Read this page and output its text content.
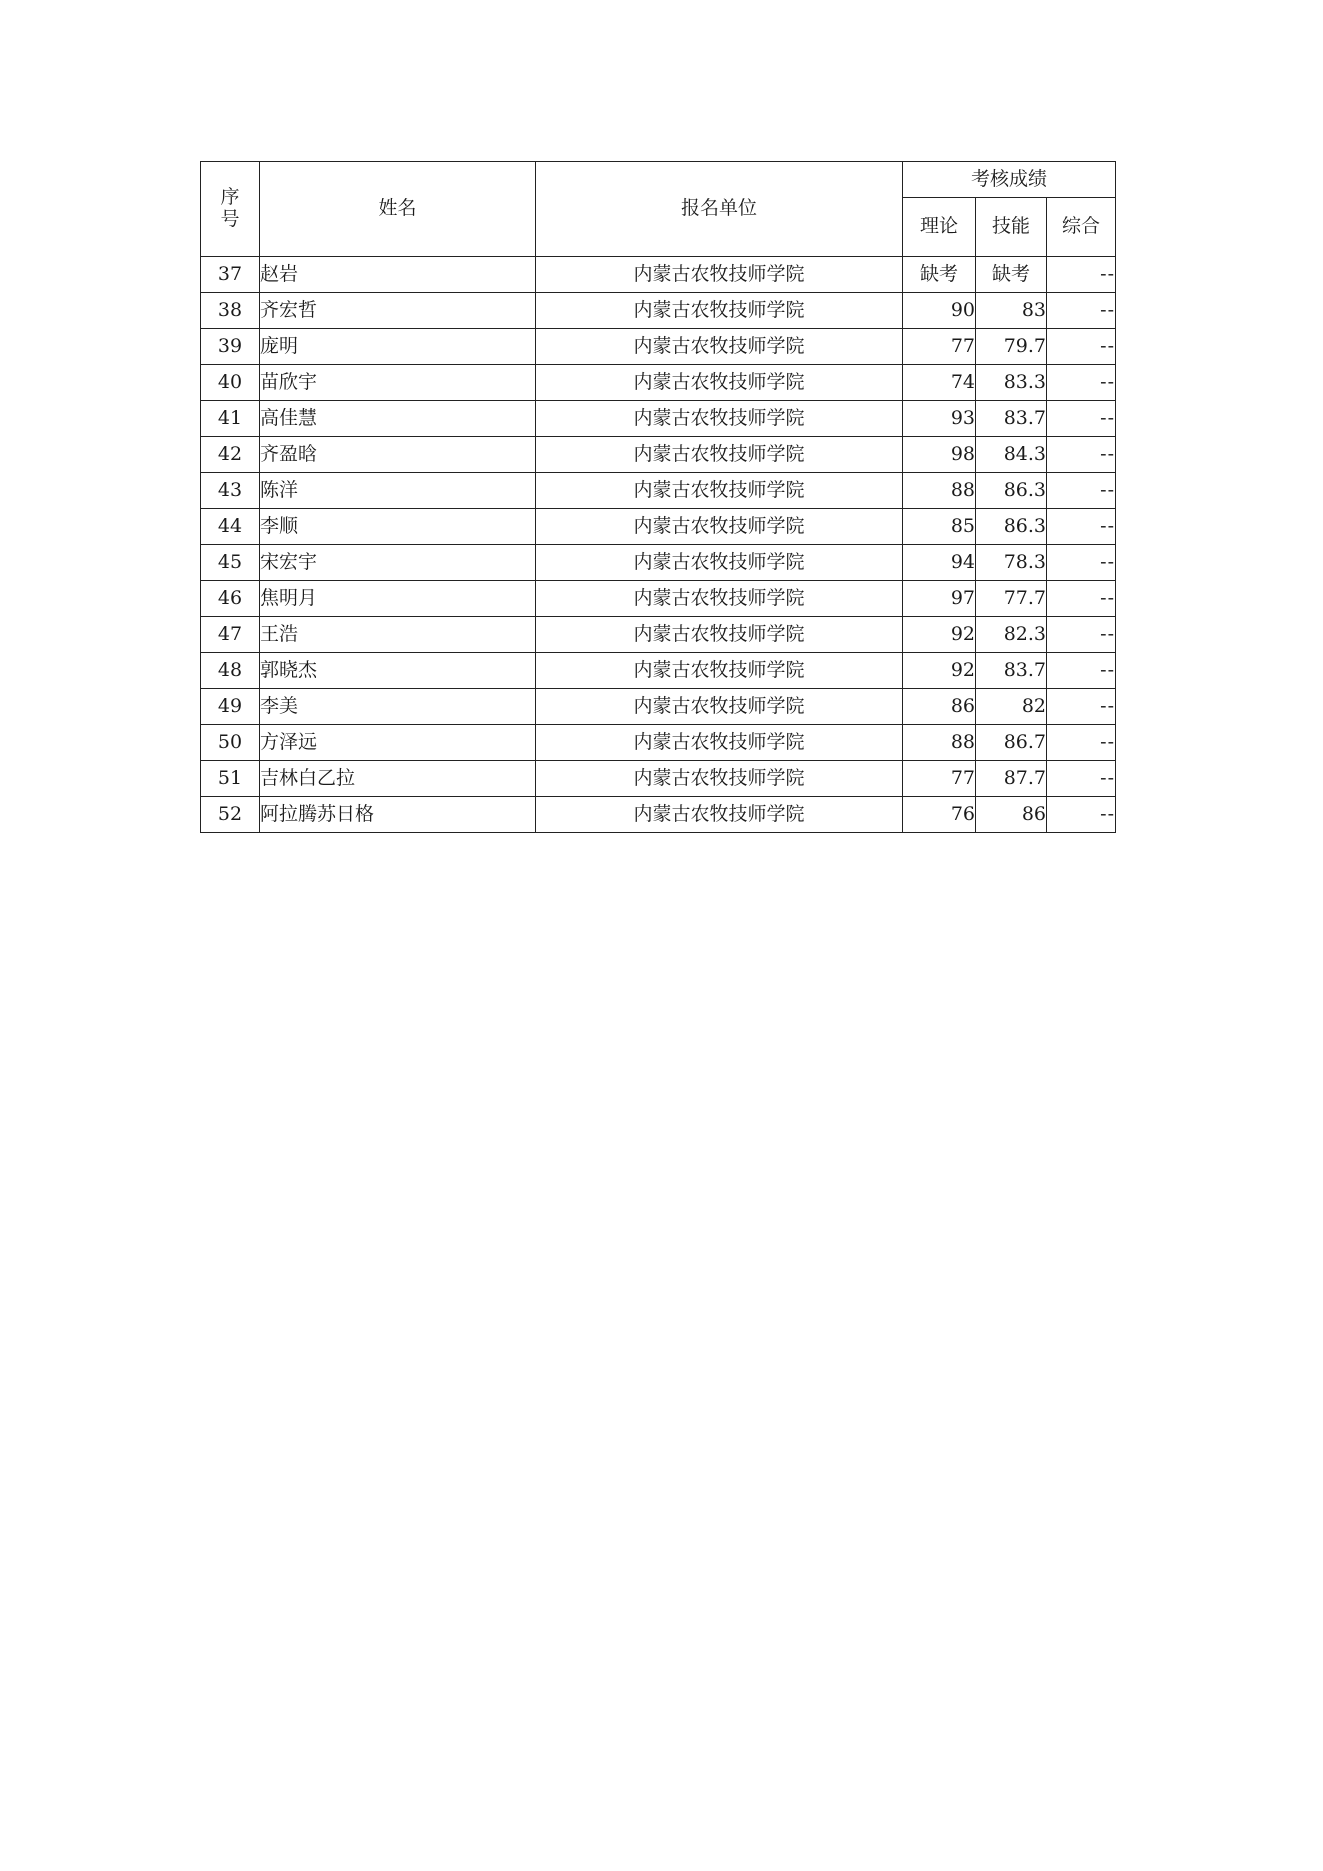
序
号	姓名	报名单位	考核成绩		
			理论	技能	综合
37	赵岩	内蒙古农牧技师学院	缺考	缺考	--
38	齐宏哲	内蒙古农牧技师学院	90	83	--
39	庞明	内蒙古农牧技师学院	77	79.7	--
40	苗欣宇	内蒙古农牧技师学院	74	83.3	--
41	高佳慧	内蒙古农牧技师学院	93	83.7	--
42	齐盈晗	内蒙古农牧技师学院	98	84.3	--
43	陈洋	内蒙古农牧技师学院	88	86.3	--
44	李顺	内蒙古农牧技师学院	85	86.3	--
45	宋宏宇	内蒙古农牧技师学院	94	78.3	--
46	焦明月	内蒙古农牧技师学院	97	77.7	--
47	王浩	内蒙古农牧技师学院	92	82.3	--
48	郭晓杰	内蒙古农牧技师学院	92	83.7	--
49	李美	内蒙古农牧技师学院	86	82	--
50	方泽远	内蒙古农牧技师学院	88	86.7	--
51	吉林白乙拉	内蒙古农牧技师学院	77	87.7	--
52	阿拉腾苏日格	内蒙古农牧技师学院	76	86	--
